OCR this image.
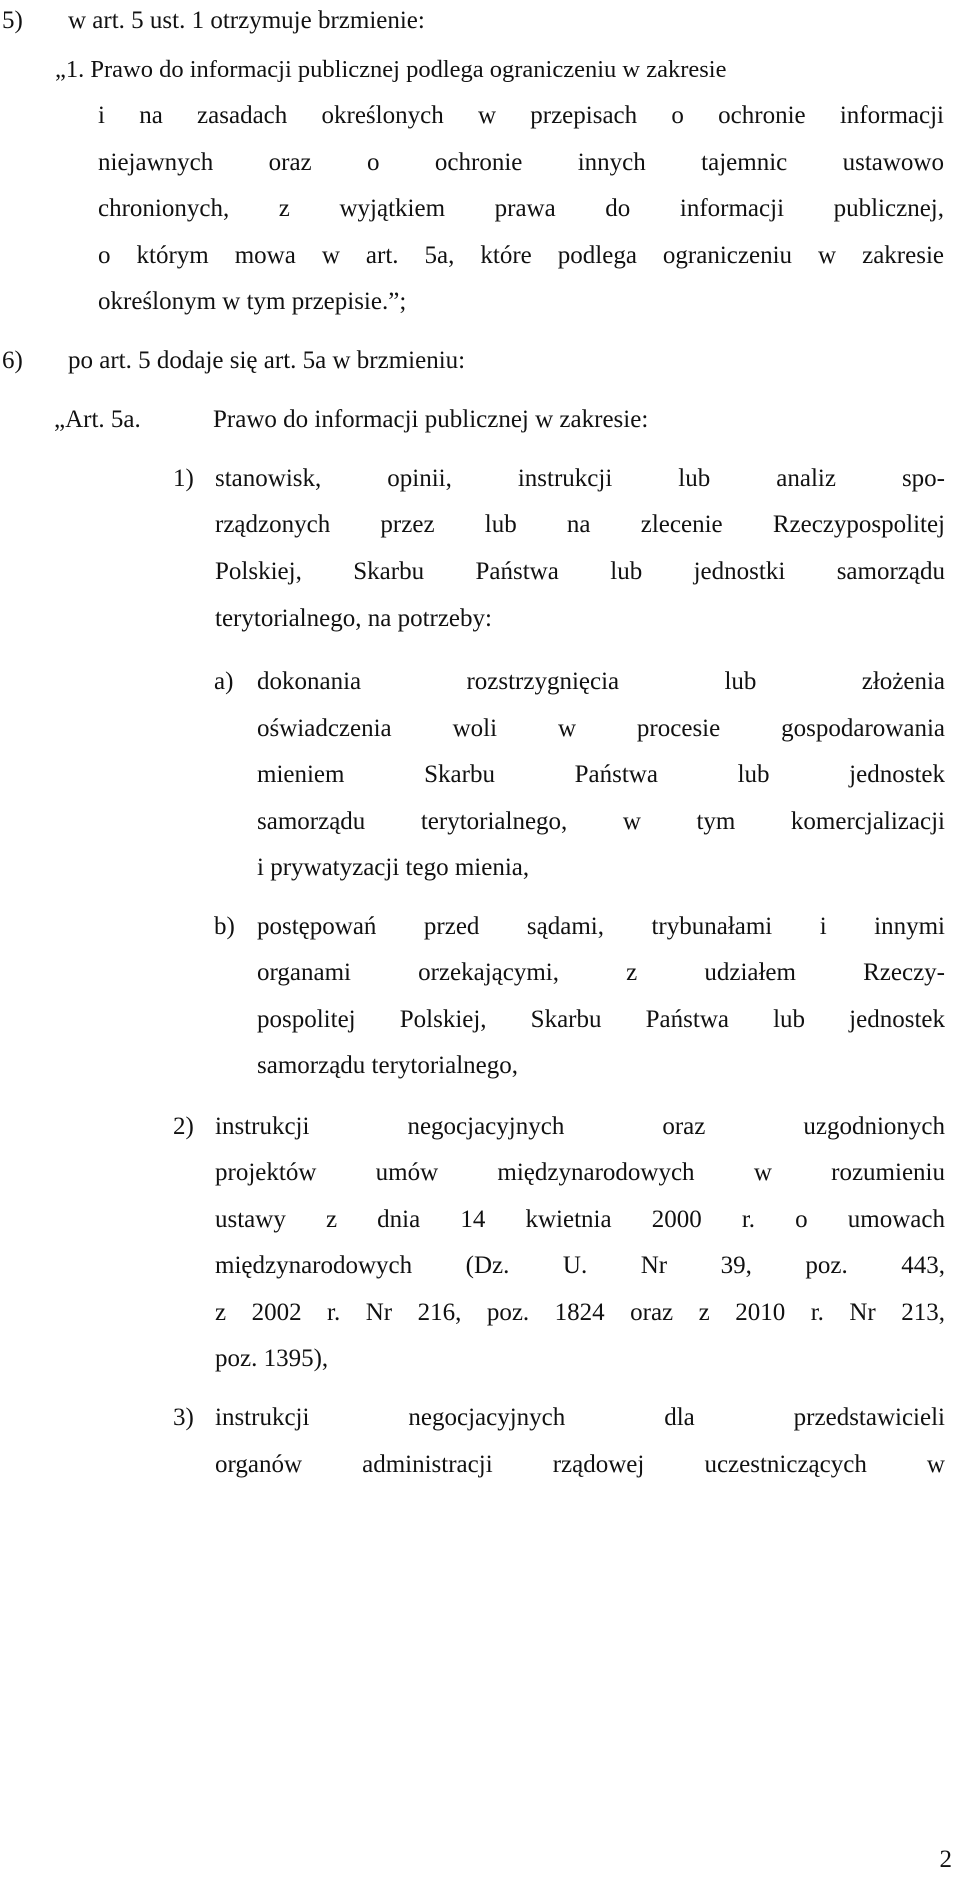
5) w art. 5 ust. 1 otrzymuje brzmienie:
„1. Prawo do informacji publicznej podlega ograniczeniu w zakresie
i na zasadach określonych w przepisach o ochronie informacji
niejawnych oraz o ochronie innych tajemnic ustawowo
chronionych, z wyjątkiem prawa do informacji publicznej,
o którym mowa w art. 5a, które podlega ograniczeniu w zakresie
określonym w tym przepisie.”;
6) po art. 5 dodaje się art. 5a w brzmieniu:
„Art. 5a.	Prawo do informacji publicznej w zakresie:
1) stanowisk, opinii, instrukcji lub analiz spo-
rządzonych przez lub na zlecenie Rzeczypospolitej
Polskiej, Skarbu Państwa lub jednostki samorządu
terytorialnego, na potrzeby:
a) dokonania rozstrzygnięcia lub złożenia
oświadczenia woli w procesie gospodarowania
mieniem Skarbu Państwa lub jednostek
samorządu terytorialnego, w tym komercjalizacji
i prywatyzacji tego mienia,
b) postępowań przed sądami, trybunałami i innymi
organami orzekającymi, z udziałem Rzeczy-
pospolitej Polskiej, Skarbu Państwa lub jednostek
samorządu terytorialnego,
2) instrukcji negocjacyjnych oraz uzgodnionych
projektów umów międzynarodowych w rozumieniu
ustawy z dnia 14 kwietnia 2000 r. o umowach
międzynarodowych (Dz. U. Nr 39, poz. 443,
z 2002 r. Nr 216, poz. 1824 oraz z 2010 r. Nr 213,
poz. 1395),
3) instrukcji negocjacyjnych dla przedstawicieli
organów administracji rządowej uczestniczących w
2
